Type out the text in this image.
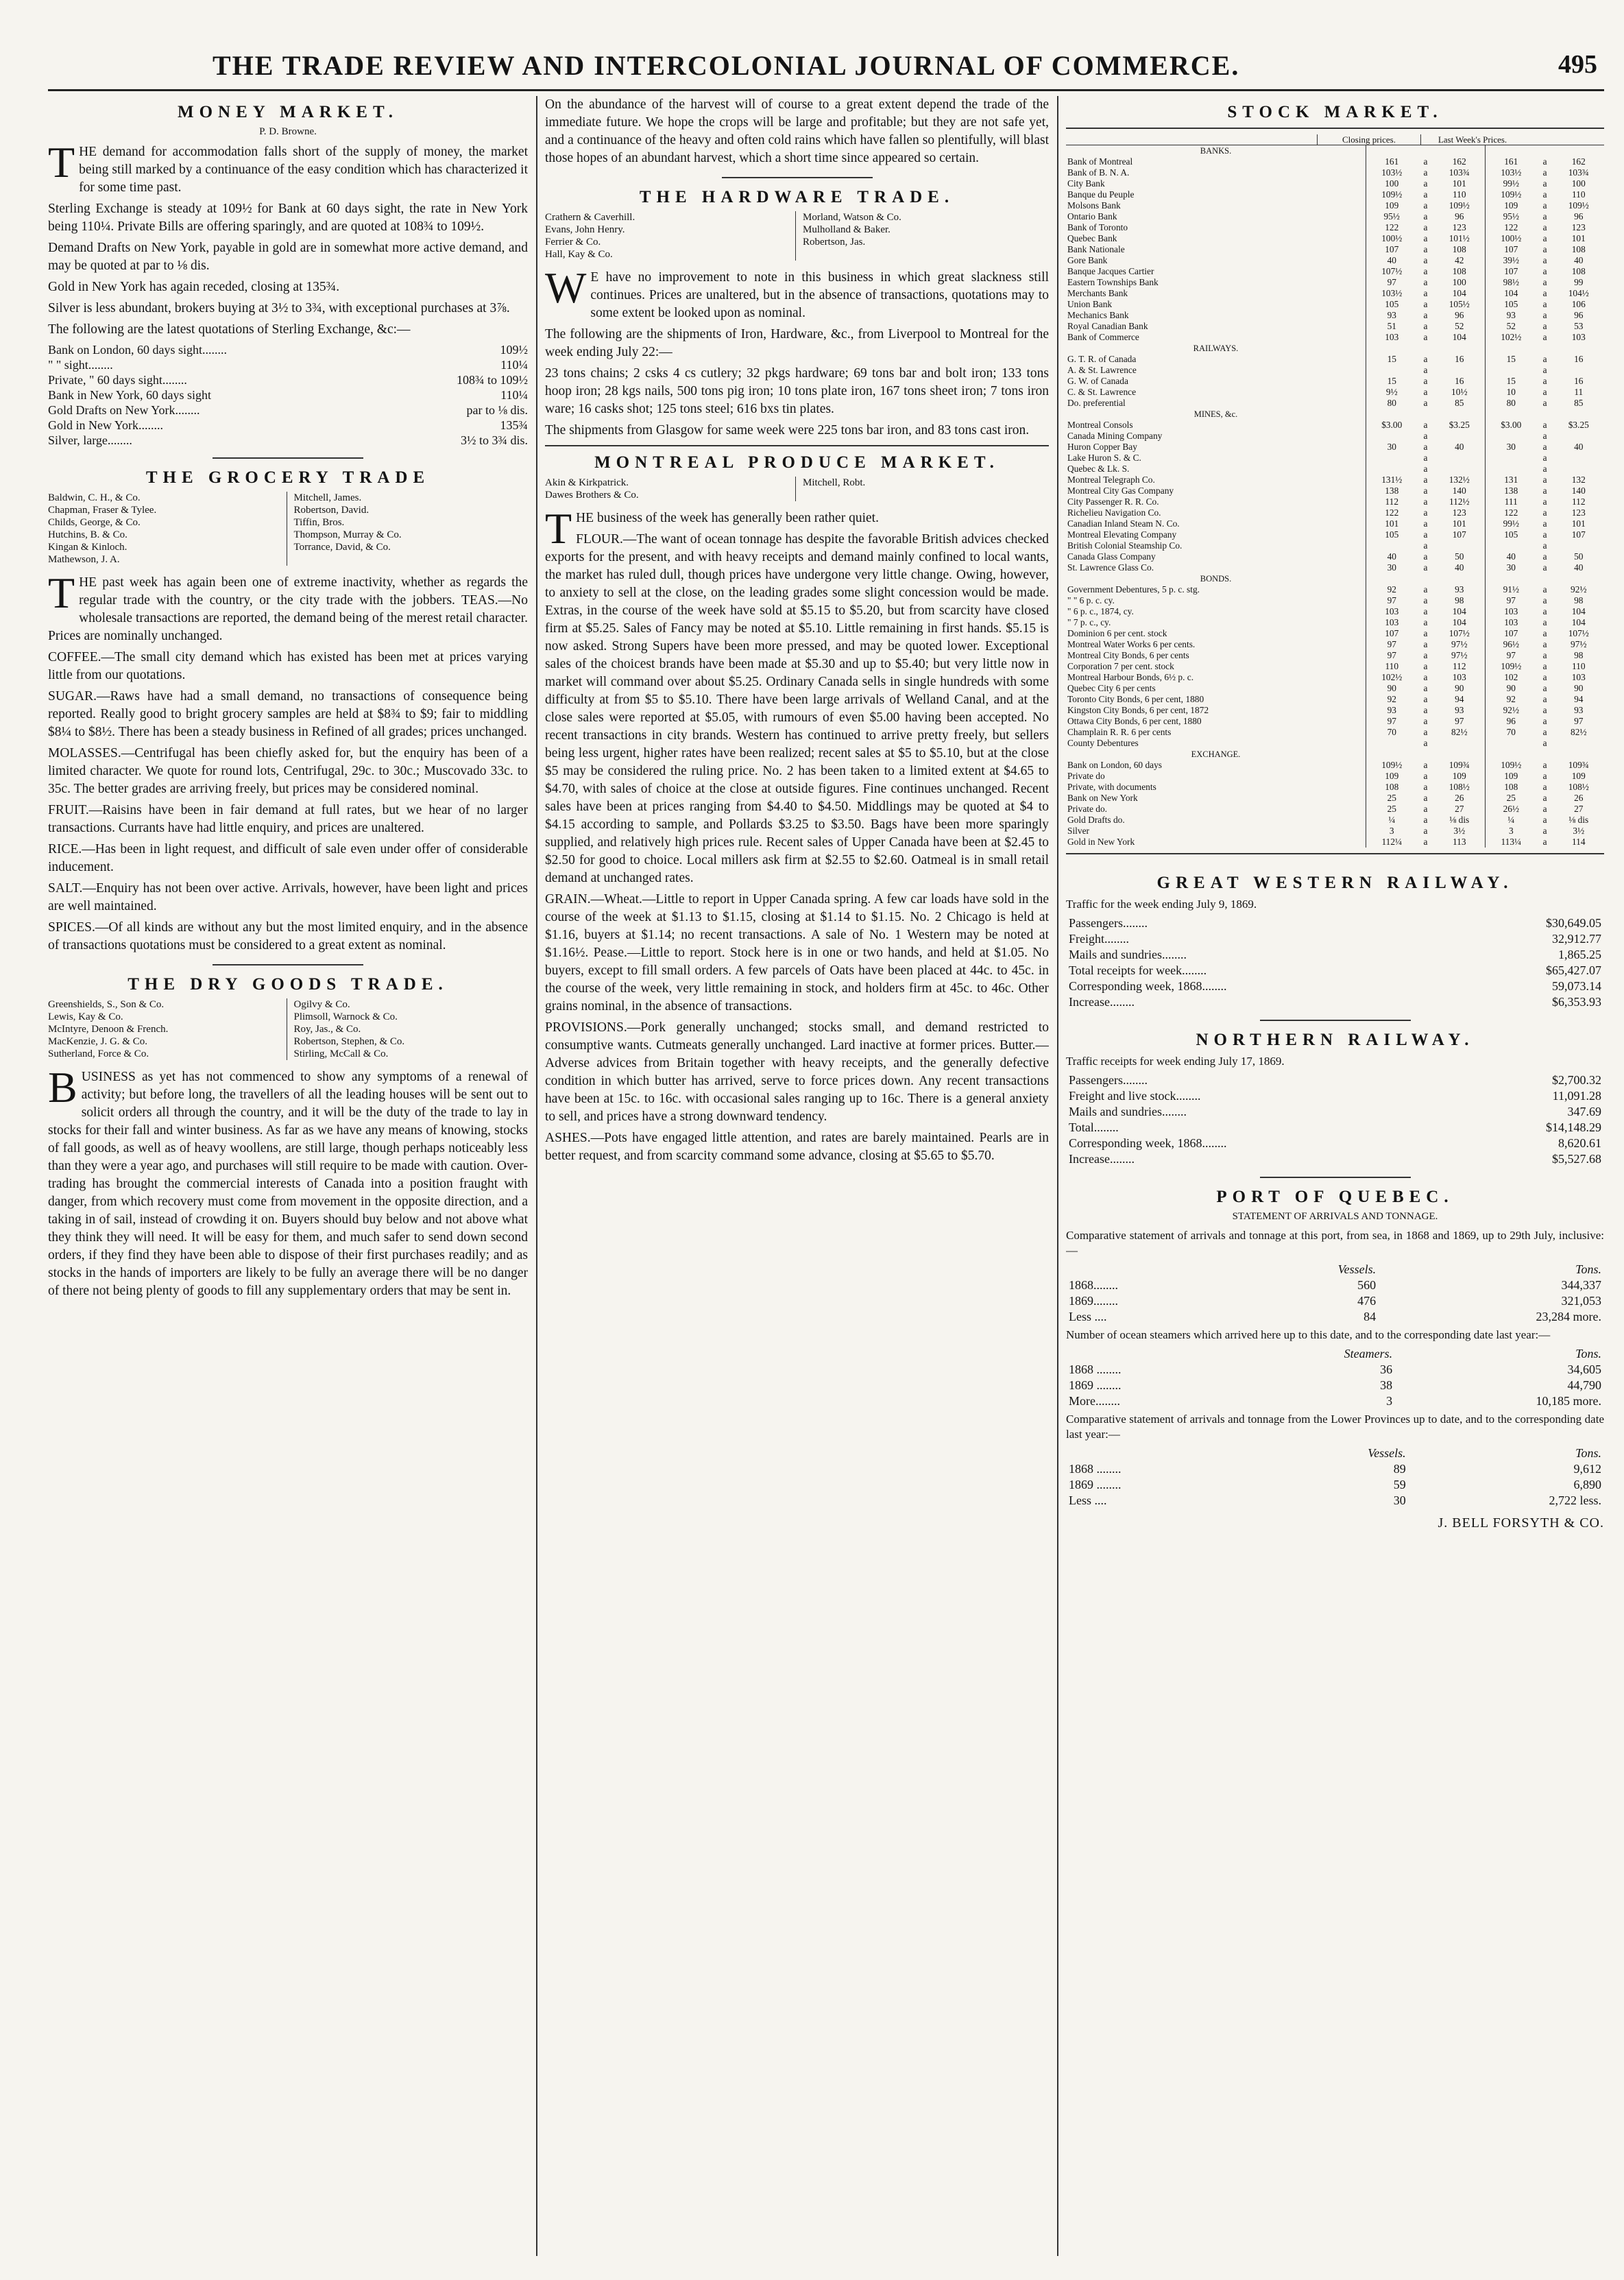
THE TRADE REVIEW AND INTERCOLONIAL JOURNAL OF COMMERCE.	495
MONEY MARKET.
P. D. Browne.

THE demand for accommodation falls short of the supply of money, the market being still marked by a continuance of the easy condition which has characterized it for some time past.

Sterling Exchange is steady at 109½ for Bank at 60 days sight, the rate in New York being 110¼. Private Bills are offering sparingly, and are quoted at 108¾ to 109½.

Demand Drafts on New York, payable in gold are in somewhat more active demand, and may be quoted at par to ⅛ dis.

Gold in New York has again receded, closing at 135¾.

Silver is less abundant, brokers buying at 3½ to 3¾, with exceptional purchases at 3⅞.

The following are the latest quotations of Sterling Exchange, &c:—

Bank on London, 60 days sight........	109½
" " sight........	110¼
Private, " 60 days sight........	108¾ to 109½
Bank in New York, 60 days sight	110¼
Gold Drafts on New York........	par to ⅛ dis.
Gold in New York........	135¾
Silver, large........	3½ to 3¾ dis.
THE GROCERY TRADE
Baldwin, C. H., & Co.
Chapman, Fraser & Tylee.
Childs, George, & Co.
Hutchins, B. & Co.
Kingan & Kinloch.
Mathewson, J. A.
Mitchell, James.
Robertson, David.
Tiffin, Bros.
Thompson, Murray & Co.
Torrance, David, & Co.

THE past week has again been one of extreme inactivity, whether as regards the regular trade with the country, or the city trade with the jobbers. TEAS.—No wholesale transactions are reported, the demand being of the merest retail character. Prices are nominally unchanged.

COFFEE.—The small city demand which has existed has been met at prices varying little from our quotations.

SUGAR.—Raws have had a small demand, no transactions of consequence being reported. Really good to bright grocery samples are held at $8¾ to $9; fair to middling $8¼ to $8½. There has been a steady business in Refined of all grades; prices unchanged.

MOLASSES.—Centrifugal has been chiefly asked for, but the enquiry has been of a limited character. We quote for round lots, Centrifugal, 29c. to 30c.; Muscovado 33c. to 35c. The better grades are arriving freely, but prices may be considered nominal.

FRUIT.—Raisins have been in fair demand at full rates, but we hear of no larger transactions. Currants have had little enquiry, and prices are unaltered.

RICE.—Has been in light request, and difficult of sale even under offer of considerable inducement.

SALT.—Enquiry has not been over active. Arrivals, however, have been light and prices are well maintained.

SPICES.—Of all kinds are without any but the most limited enquiry, and in the absence of transactions quotations must be considered to a great extent as nominal.

THE DRY GOODS TRADE.
Greenshields, S., Son & Co.
Lewis, Kay & Co.
McIntyre, Denoon & French.
MacKenzie, J. G. & Co.
Sutherland, Force & Co.
Ogilvy & Co.
Plimsoll, Warnock & Co.
Roy, Jas., & Co.
Robertson, Stephen, & Co.
Stirling, McCall & Co.

BUSINESS as yet has not commenced to show any symptoms of a renewal of activity; but before long, the travellers of all the leading houses will be sent out to solicit orders all through the country, and it will be the duty of the trade to lay in stocks for their fall and winter business. As far as we have any means of knowing, stocks of fall goods, as well as of heavy woollens, are still large, though perhaps noticeably less than they were a year ago, and purchases will still require to be made with caution. Over-trading has brought the commercial interests of Canada into a position fraught with danger, from which recovery must come from movement in the opposite direction, and a taking in of sail, instead of crowding it on. Buyers should buy below and not above what they think they will need. It will be easy for them, and much safer to send down second orders, if they find they have been able to dispose of their first purchases readily; and as stocks in the hands of importers are likely to be fully an average there will be no danger of there not being plenty of goods to fill any supplementary orders that may be sent in.

On the abundance of the harvest will of course to a great extent depend the trade of the immediate future. We hope the crops will be large and profitable; but they are not safe yet, and a continuance of the heavy and often cold rains which have fallen so plentifully, will blast those hopes of an abundant harvest, which a short time since appeared so certain.

THE HARDWARE TRADE.
Crathern & Caverhill.
Evans, John Henry.
Ferrier & Co.
Hall, Kay & Co.
Morland, Watson & Co.
Mulholland & Baker.
Robertson, Jas.

WE have no improvement to note in this business in which great slackness still continues. Prices are unaltered, but in the absence of transactions, quotations may to some extent be looked upon as nominal.

The following are the shipments of Iron, Hardware, &c., from Liverpool to Montreal for the week ending July 22:—

23 tons chains; 2 csks 4 cs cutlery; 32 pkgs hardware; 69 tons bar and bolt iron; 133 tons hoop iron; 28 kgs nails, 500 tons pig iron; 10 tons plate iron, 167 tons sheet iron; 7 tons iron ware; 16 casks shot; 125 tons steel; 616 bxs tin plates.

The shipments from Glasgow for same week were 225 tons bar iron, and 83 tons cast iron.

MONTREAL PRODUCE MARKET.
Akin & Kirkpatrick.
Dawes Brothers & Co.
Mitchell, Robt.

THE business of the week has generally been rather quiet.

FLOUR.—The want of ocean tonnage has despite the favorable British advices checked exports for the present, and with heavy receipts and demand mainly confined to local wants, the market has ruled dull, though prices have undergone very little change. Owing, however, to anxiety to sell at the close, on the leading grades some slight concession would be made. Extras, in the course of the week have sold at $5.15 to $5.20, but from scarcity have closed firm at $5.25. Sales of Fancy may be noted at $5.10. Little remaining in first hands. $5.15 is now asked. Strong Supers have been more pressed, and may be quoted lower. Exceptional sales of the choicest brands have been made at $5.30 and up to $5.40; but very little now in market will command over about $5.25. Ordinary Canada sells in single hundreds with some difficulty at from $5 to $5.10. There have been large arrivals of Welland Canal, and at the close sales were reported at $5.05, with rumours of even $5.00 having been accepted. No recent transactions in city brands. Western has continued to arrive pretty freely, but sellers being less urgent, higher rates have been realized; recent sales at $5 to $5.10, but at the close $5 may be considered the ruling price. No. 2 has been taken to a limited extent at $4.65 to $4.70, with sales of choice at the close at outside figures. Fine continues unchanged. Recent sales have been at prices ranging from $4.40 to $4.50. Middlings may be quoted at $4 to $4.15 according to sample, and Pollards $3.25 to $3.50. Bags have been more sparingly supplied, and relatively high prices rule. Recent sales of Upper Canada have been at $2.45 to $2.50 for good to choice. Local millers ask firm at $2.55 to $2.60. Oatmeal is in small retail demand at unchanged rates.

GRAIN.—Wheat.—Little to report in Upper Canada spring. A few car loads have sold in the course of the week at $1.13 to $1.15, closing at $1.14 to $1.15. No. 2 Chicago is held at $1.16, buyers at $1.14; no recent transactions. A sale of No. 1 Western may be noted at $1.16½. Pease.—Little to report. Stock here is in one or two hands, and held at $1.05. No buyers, except to fill small orders. A few parcels of Oats have been placed at 44c. to 45c. in the course of the week, very little remaining in stock, and holders firm at 45c. to 46c. Other grains nominal, in the absence of transactions.

PROVISIONS.—Pork generally unchanged; stocks small, and demand restricted to consumptive wants. Cutmeats generally unchanged. Lard inactive at former prices. Butter.—Adverse advices from Britain together with heavy receipts, and the generally defective condition in which butter has arrived, serve to force prices down. Any recent transactions have been at 15c. to 16c. with occasional sales ranging up to 16c. There is a general anxiety to sell, and prices have a strong downward tendency.

ASHES.—Pots have engaged little attention, and rates are barely maintained. Pearls are in better request, and from scarcity command some advance, closing at $5.65 to $5.70.

STOCK MARKET.
Closing prices.	Last Week's Prices.
BANKS.						
Bank of Montreal	161	a	162	161	a	162
Bank of B. N. A.	103½	a	103¾	103½	a	103¾
City Bank	100	a	101	99½	a	100
Banque du Peuple	109½	a	110	109½	a	110
Molsons Bank	109	a	109½	109	a	109½
Ontario Bank	95½	a	96	95½	a	96
Bank of Toronto	122	a	123	122	a	123
Quebec Bank	100½	a	101½	100½	a	101
Bank Nationale	107	a	108	107	a	108
Gore Bank	40	a	42	39½	a	40
Banque Jacques Cartier	107½	a	108	107	a	108
Eastern Townships Bank	97	a	100	98½	a	99
Merchants Bank	103½	a	104	104	a	104½
Union Bank	105	a	105½	105	a	106
Mechanics Bank	93	a	96	93	a	96
Royal Canadian Bank	51	a	52	52	a	53
Bank of Commerce	103	a	104	102½	a	103
RAILWAYS.						
G. T. R. of Canada	15	a	16	15	a	16
A. & St. Lawrence		a			a	
G. W. of Canada	15	a	16	15	a	16
C. & St. Lawrence	9½	a	10½	10	a	11
Do. preferential	80	a	85	80	a	85
MINES, &c.						
Montreal Consols	$3.00	a	$3.25	$3.00	a	$3.25
Canada Mining Company		a			a	
Huron Copper Bay	30	a	40	30	a	40
Lake Huron S. & C.		a			a	
Quebec & Lk. S.		a			a	
Montreal Telegraph Co.	131½	a	132½	131	a	132
Montreal City Gas Company	138	a	140	138	a	140
City Passenger R. R. Co.	112	a	112½	111	a	112
Richelieu Navigation Co.	122	a	123	122	a	123
Canadian Inland Steam N. Co.	101	a	101	99½	a	101
Montreal Elevating Company	105	a	107	105	a	107
British Colonial Steamship Co.		a			a	
Canada Glass Company	40	a	50	40	a	50
St. Lawrence Glass Co.	30	a	40	30	a	40
BONDS.						
Government Debentures, 5 p. c. stg.	92	a	93	91½	a	92½
" " 6 p. c. cy.	97	a	98	97	a	98
" 6 p. c., 1874, cy.	103	a	104	103	a	104
" 7 p. c., cy.	103	a	104	103	a	104
Dominion 6 per cent. stock	107	a	107½	107	a	107½
Montreal Water Works 6 per cents.	97	a	97½	96½	a	97½
Montreal City Bonds, 6 per cents	97	a	97½	97	a	98
Corporation 7 per cent. stock	110	a	112	109½	a	110
Montreal Harbour Bonds, 6½ p. c.	102½	a	103	102	a	103
Quebec City 6 per cents	90	a	90	90	a	90
Toronto City Bonds, 6 per cent, 1880	92	a	94	92	a	94
Kingston City Bonds, 6 per cent, 1872	93	a	93	92½	a	93
Ottawa City Bonds, 6 per cent, 1880	97	a	97	96	a	97
Champlain R. R. 6 per cents	70	a	82½	70	a	82½
County Debentures		a			a	
EXCHANGE.						
Bank on London, 60 days	109½	a	109¾	109½	a	109¾
Private do	109	a	109	109	a	109
Private, with documents	108	a	108½	108	a	108½
Bank on New York	25	a	26	25	a	26
Private do.	25	a	27	26½	a	27
Gold Drafts do.	¼	a	⅛ dis	¼	a	⅛ dis
Silver	3	a	3½	3	a	3½
Gold in New York	112¼	a	113	113¼	a	114
GREAT WESTERN RAILWAY.

Traffic for the week ending July 9, 1869.

Passengers........	$30,649.05
Freight........	32,912.77
Mails and sundries........	1,865.25
Total receipts for week........	$65,427.07
Corresponding week, 1868........	59,073.14
Increase........	$6,353.93
NORTHERN RAILWAY.

Traffic receipts for week ending July 17, 1869.

Passengers........	$2,700.32
Freight and live stock........	11,091.28
Mails and sundries........	347.69
Total........	$14,148.29
Corresponding week, 1868........	8,620.61
Increase........	$5,527.68
PORT OF QUEBEC.
STATEMENT OF ARRIVALS AND TONNAGE.

Comparative statement of arrivals and tonnage at this port, from sea, in 1868 and 1869, up to 29th July, inclusive:—

	Vessels.	Tons.
1868........	560	344,337
1869........	476	321,053
Less ....	84	23,284 more.

Number of ocean steamers which arrived here up to this date, and to the corresponding date last year:—

	Steamers.	Tons.
1868 ........	36	34,605
1869 ........	38	44,790
More........	3	10,185 more.

Comparative statement of arrivals and tonnage from the Lower Provinces up to date, and to the corresponding date last year:—

	Vessels.	Tons.
1868 ........	89	9,612
1869 ........	59	6,890
Less ....	30	2,722 less.
J. BELL FORSYTH & CO.
